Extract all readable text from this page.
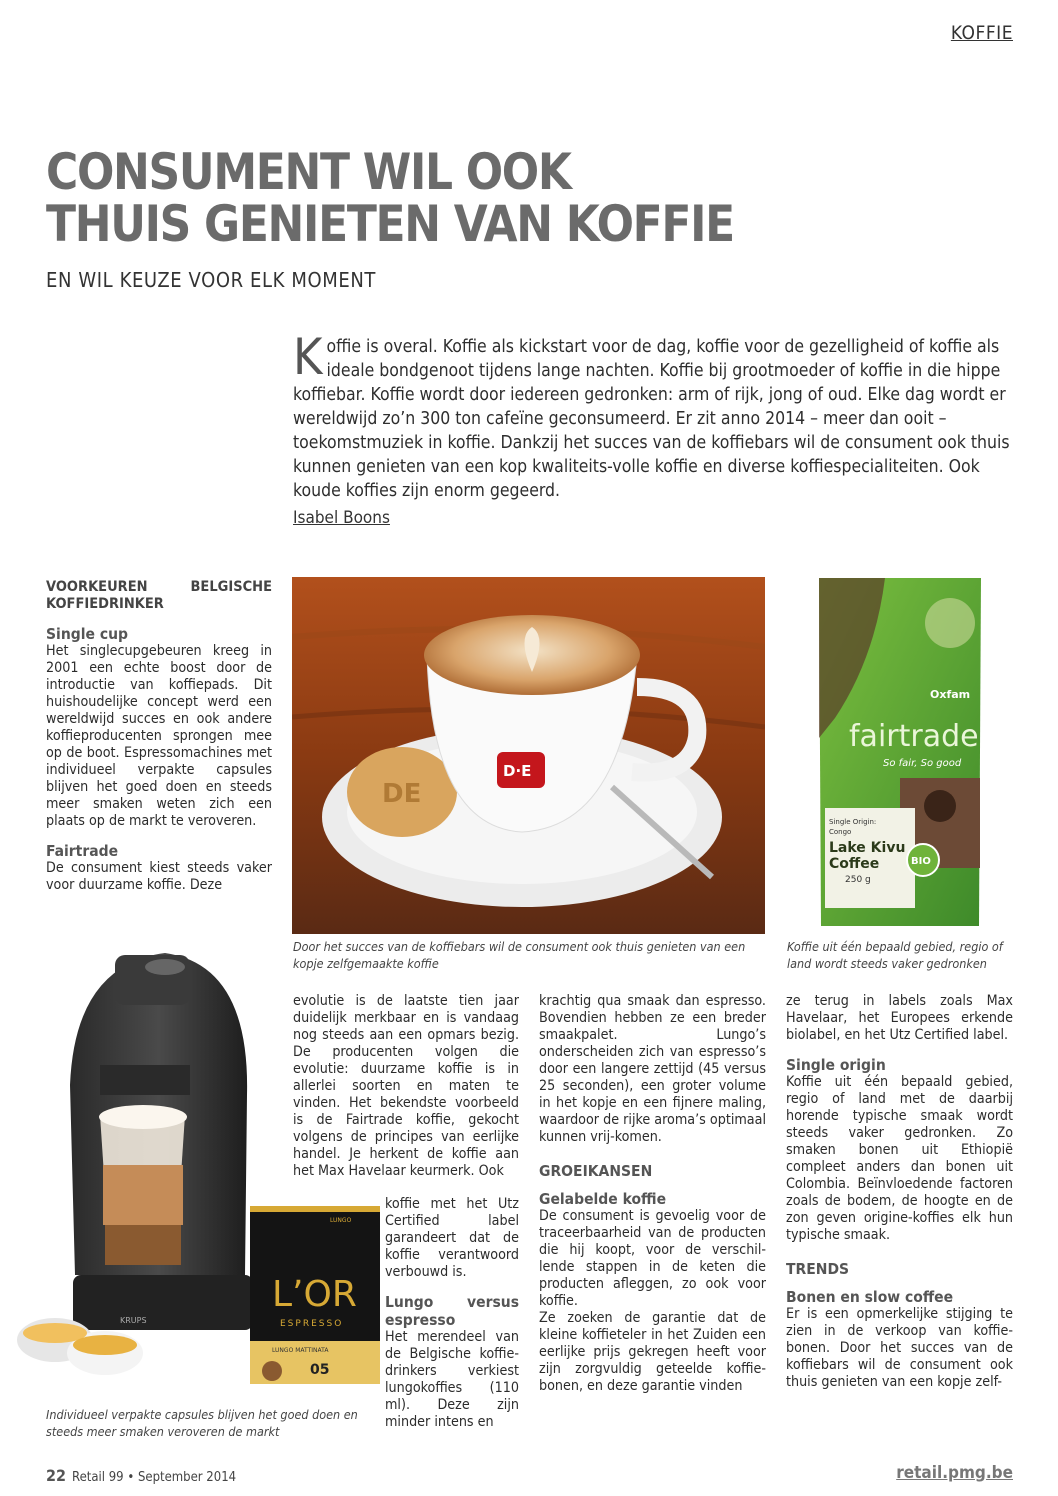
KOFFIE
CONSUMENT WIL OOK
THUIS GENIETEN VAN KOFFIE
EN WIL KEUZE VOOR ELK MOMENT
Koffie is overal. Koffie als kickstart voor de dag, koffie voor de gezelligheid of koffie als ideale bondgenoot tijdens lange nachten. Koffie bij grootmoeder of koffie in die hippe koffiebar. Koffie wordt door iedereen gedronken: arm of rijk, jong of oud. Elke dag wordt er wereldwijd zo’n 300 ton cafeïne geconsumeerd. Er zit anno 2014 – meer dan ooit – toekomstmuziek in koffie. Dankzij het succes van de koffiebars wil de consument ook thuis kunnen genieten van een kop kwaliteits-volle koffie en diverse koffiespecialiteiten. Ook koude koffies zijn enorm gegeerd.
Isabel Boons
VOORKEUREN BELGISCHE KOFFIEDRINKER
Single cup

Het singlecupgebeuren kreeg in 2001 een echte boost door de introductie van koffiepads. Dit huishoudelijke concept werd een wereldwijd succes en ook andere koffieproducenten sprongen mee op de boot. Espressomachines met individueel verpakte capsules blijven het goed doen en steeds meer smaken weten zich een plaats op de markt te veroveren.

Fairtrade

De consument kiest steeds vaker voor duurzame koffie. Deze

DE
D·E
Oxfam
fairtrade
So fair, So good
Single Origin:
Congo
Lake Kivu
Coffee
250 g
BIO
Door het succes van de koffiebars wil de consument ook thuis genieten van een kopje zelfgemaakte koffie
Koffie uit één bepaald gebied, regio of land wordt steeds vaker gedronken
KRUPS
Individueel verpakte capsules blijven het goed doen en steeds meer smaken veroveren de markt
LUNGO
L’OR
ESPRESSO
LUNGO MATTINATA
05

evolutie is de laatste tien jaar duidelijk merkbaar en is vandaag nog steeds aan een opmars bezig. De producenten volgen die evolutie: duurzame koffie is in allerlei soorten en maten te vinden. Het bekendste voorbeeld is de Fairtrade koffie, gekocht volgens de principes van eerlijke handel. Je herkent de koffie aan het Max Havelaar keurmerk. Ook

koffie met het Utz Certified label garandeert dat de koffie verantwoord verbouwd is.

Lungo versus espresso

Het merendeel van de Belgische koffie-drinkers verkiest lungokoffies (110 ml). Deze zijn minder intens en

krachtig qua smaak dan espresso. Bovendien hebben ze een breder smaakpalet. Lungo’s onderscheiden zich van espresso’s door een langere zettijd (45 versus 25 seconden), een groter volume in het kopje en een fijnere maling, waardoor de rijke aroma’s optimaal kunnen vrij-komen.

GROEIKANSEN
Gelabelde koffie

De consument is gevoelig voor de traceerbaarheid van de producten die hij koopt, voor de verschil-lende stappen in de keten die producten afleggen, zo ook voor koffie.

Ze zoeken de garantie dat de kleine koffieteler in het Zuiden een eerlijke prijs gekregen heeft voor zijn zorgvuldig geteelde koffie-bonen, en deze garantie vinden

ze terug in labels zoals Max Havelaar, het Europees erkende biolabel, en het Utz Certified label.

Single origin

Koffie uit één bepaald gebied, regio of land met de daarbij horende typische smaak wordt steeds vaker gedronken. Zo smaken bonen uit Ethiopië compleet anders dan bonen uit Colombia. Beïnvloedende factoren zoals de bodem, de hoogte en de zon geven origine-koffies elk hun typische smaak.

TRENDS
Bonen en slow coffee

Er is een opmerkelijke stijging te zien in de verkoop van koffie-bonen. Door het succes van de koffiebars wil de consument ook thuis genieten van een kopje zelf-

22 Retail 99 • September 2014	retail.pmg.be
